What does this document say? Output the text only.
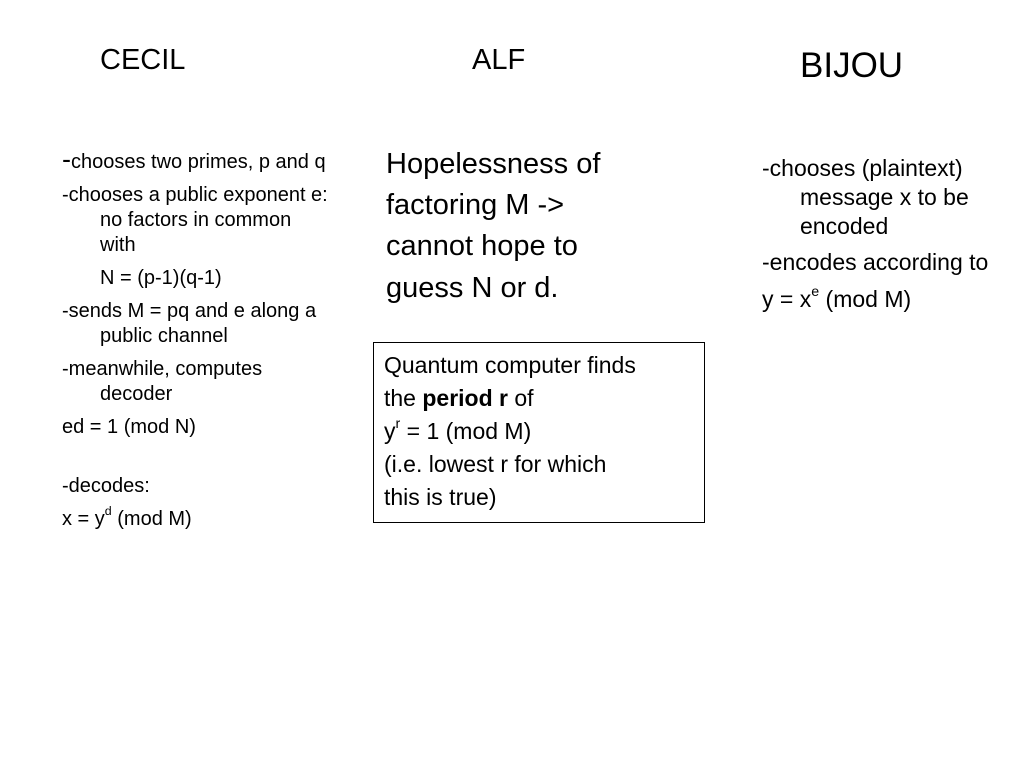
CECIL	ALF	BIJOU
-chooses two primes, p and q
-chooses a public exponent e: no factors in common with
N = (p-1)(q-1)
-sends M = pq and e along a public channel
-meanwhile, computes decoder
ed = 1 (mod N)
-decodes:
$x = y^d$ (mod M)
Hopelessness of factoring M -> cannot hope to guess N or d.
Quantum computer finds
the period r of
$y^r = 1$ (mod M)
(i.e. lowest r for which
this is true)
-chooses (plaintext) message x to be encoded
-encodes according to
$y = x^e$ (mod M)
